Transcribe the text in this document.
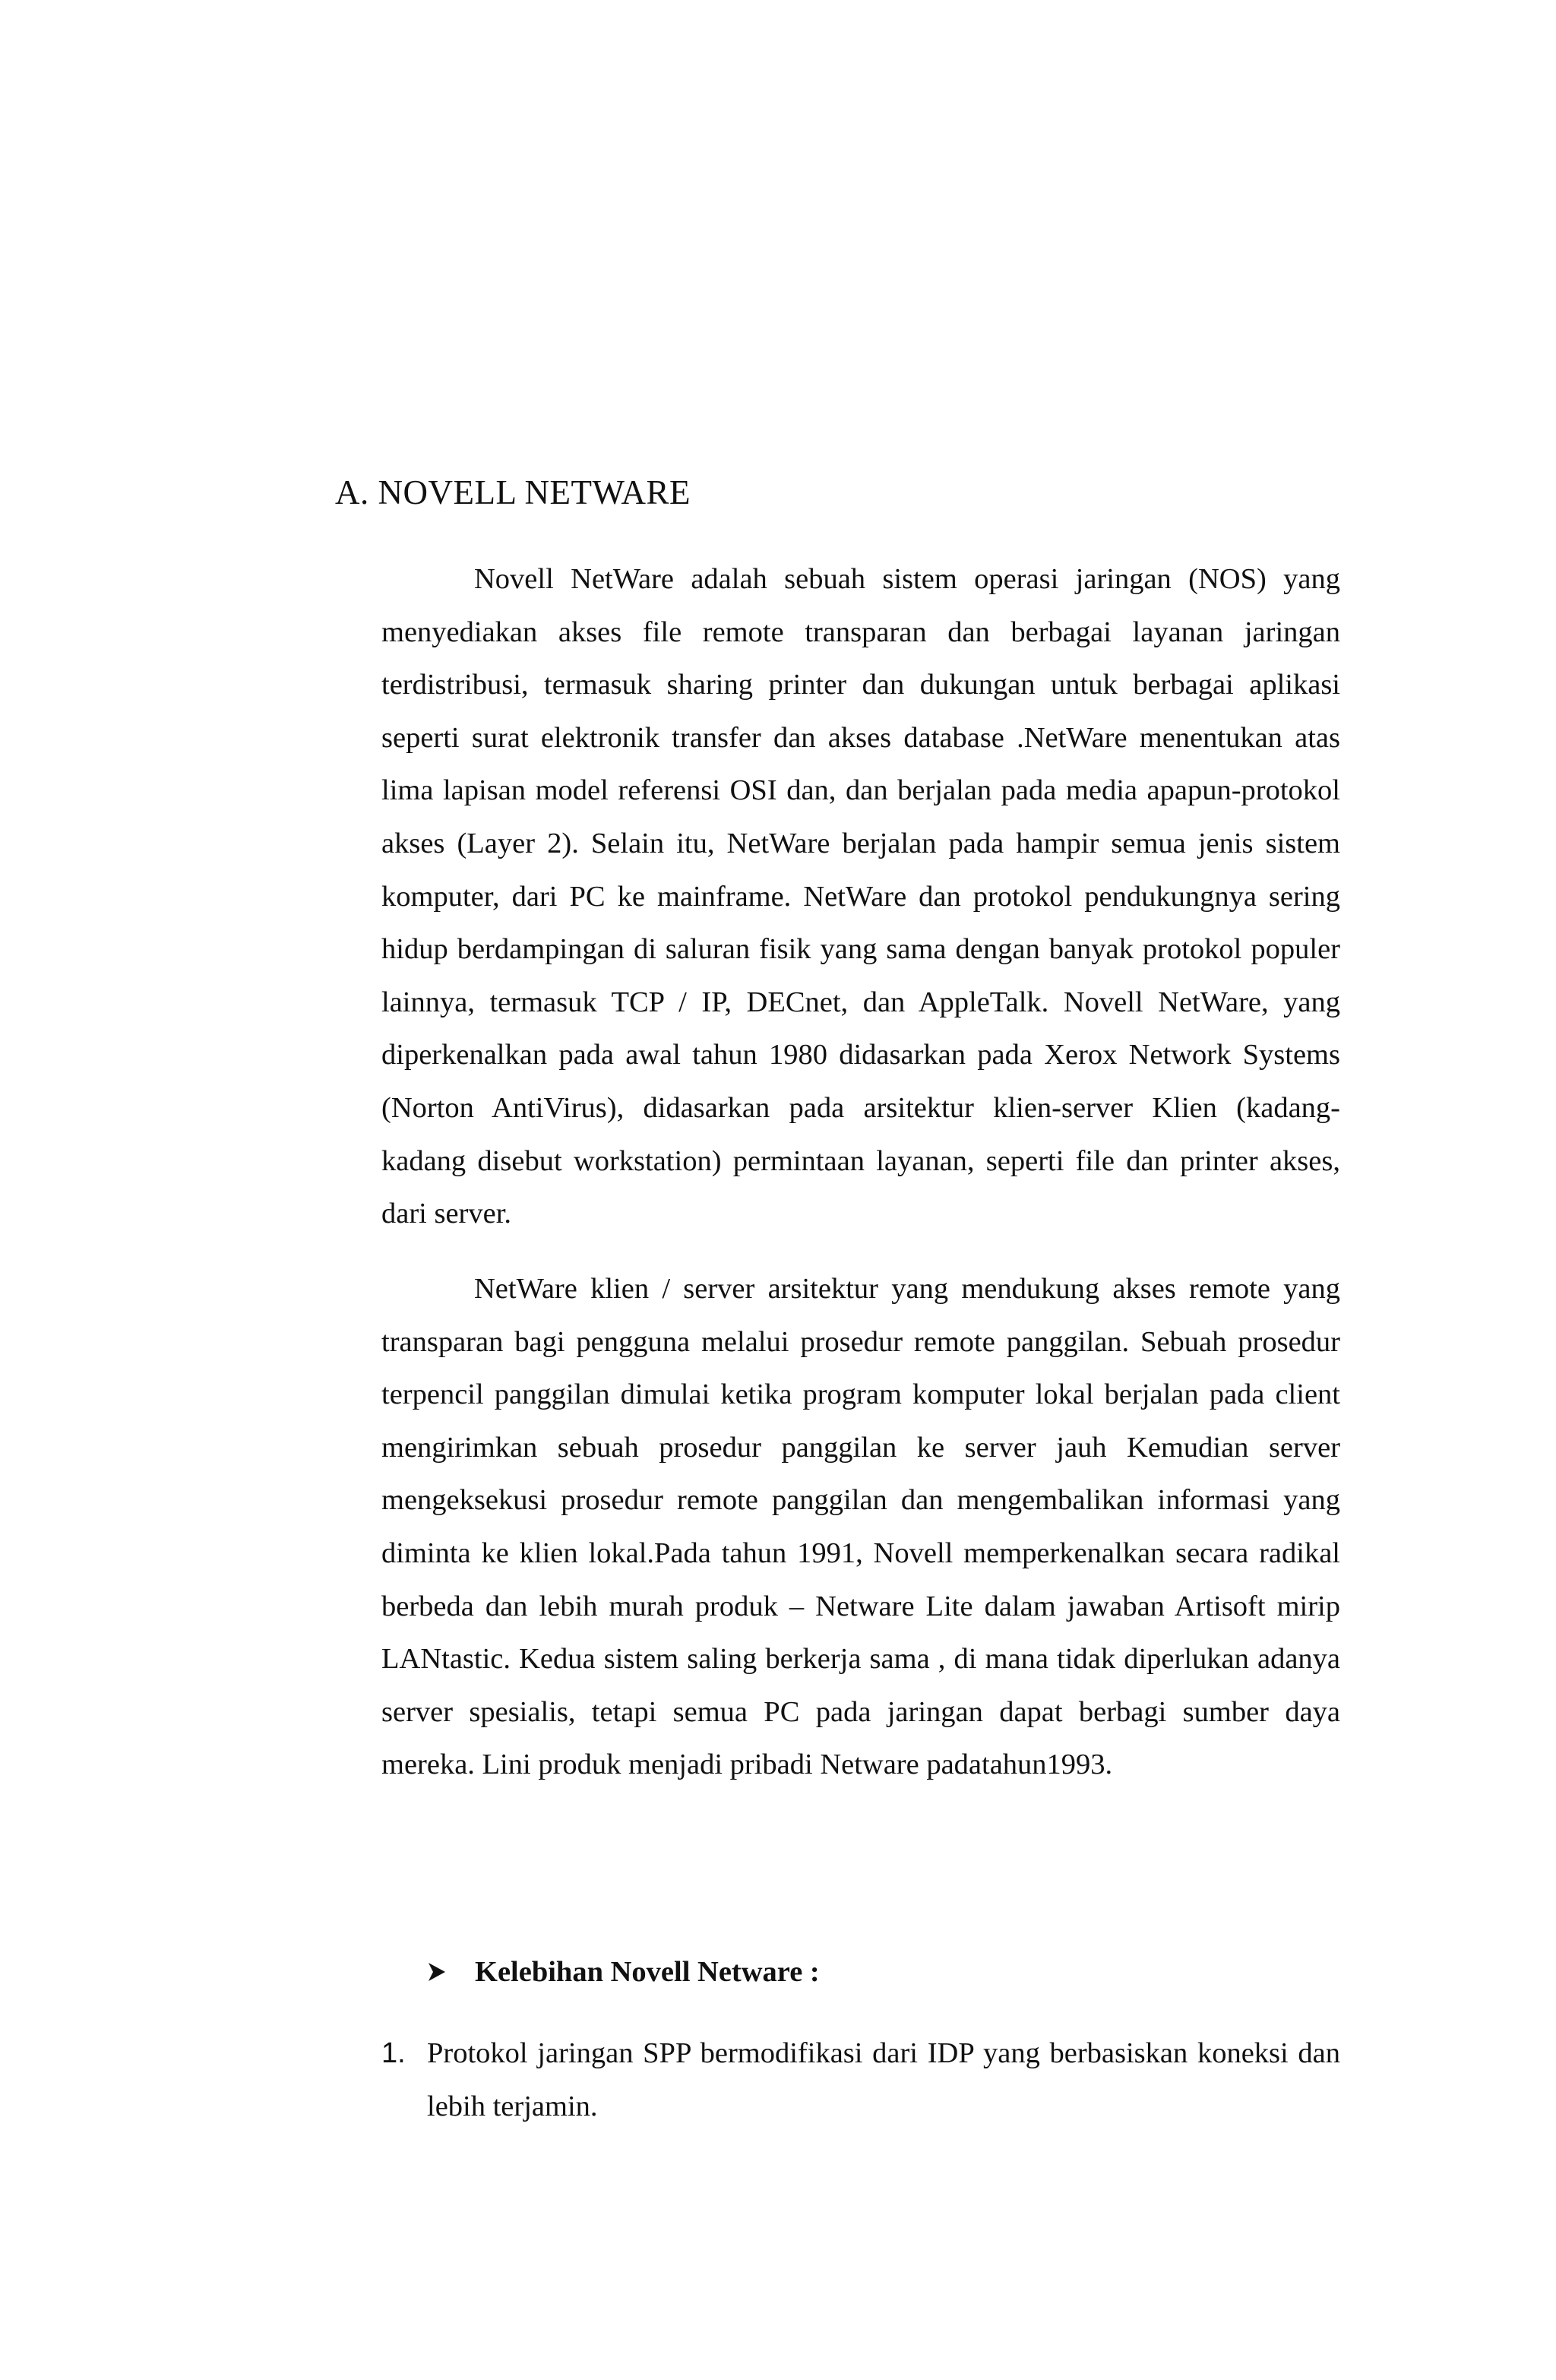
A. NOVELL NETWARE

Novell NetWare adalah sebuah sistem operasi jaringan (NOS) yang menyediakan akses file remote transparan dan berbagai layanan jaringan terdistribusi, termasuk sharing printer dan dukungan untuk berbagai aplikasi seperti surat elektronik transfer dan akses database .NetWare menentukan atas lima lapisan model referensi OSI dan, dan berjalan pada media apapun-protokol akses (Layer 2). Selain itu, NetWare berjalan pada hampir semua jenis sistem komputer, dari PC ke mainframe. NetWare dan protokol pendukungnya sering hidup berdampingan di saluran fisik yang sama dengan banyak protokol populer lainnya, termasuk TCP / IP, DECnet, dan AppleTalk. Novell NetWare, yang diperkenalkan pada awal tahun 1980 didasarkan pada Xerox Network Systems (Norton AntiVirus), didasarkan pada arsitektur klien-server Klien (kadang-kadang disebut workstation) permintaan layanan, seperti file dan printer akses, dari server.

NetWare klien / server arsitektur yang mendukung akses remote yang transparan bagi pengguna melalui prosedur remote panggilan. Sebuah prosedur terpencil panggilan dimulai ketika program komputer lokal berjalan pada client mengirimkan sebuah prosedur panggilan ke server jauh Kemudian server mengeksekusi prosedur remote panggilan dan mengembalikan informasi yang diminta ke klien lokal.Pada tahun 1991, Novell memperkenalkan secara radikal berbeda dan lebih murah produk – Netware Lite dalam jawaban Artisoft mirip LANtastic. Kedua sistem saling berkerja sama , di mana tidak diperlukan adanya server spesialis, tetapi semua PC pada jaringan dapat berbagi sumber daya mereka. Lini produk menjadi pribadi Netware padatahun1993.

Kelebihan Novell Netware :
1. Protokol jaringan SPP bermodifikasi dari IDP yang berbasiskan koneksi dan lebih terjamin.
